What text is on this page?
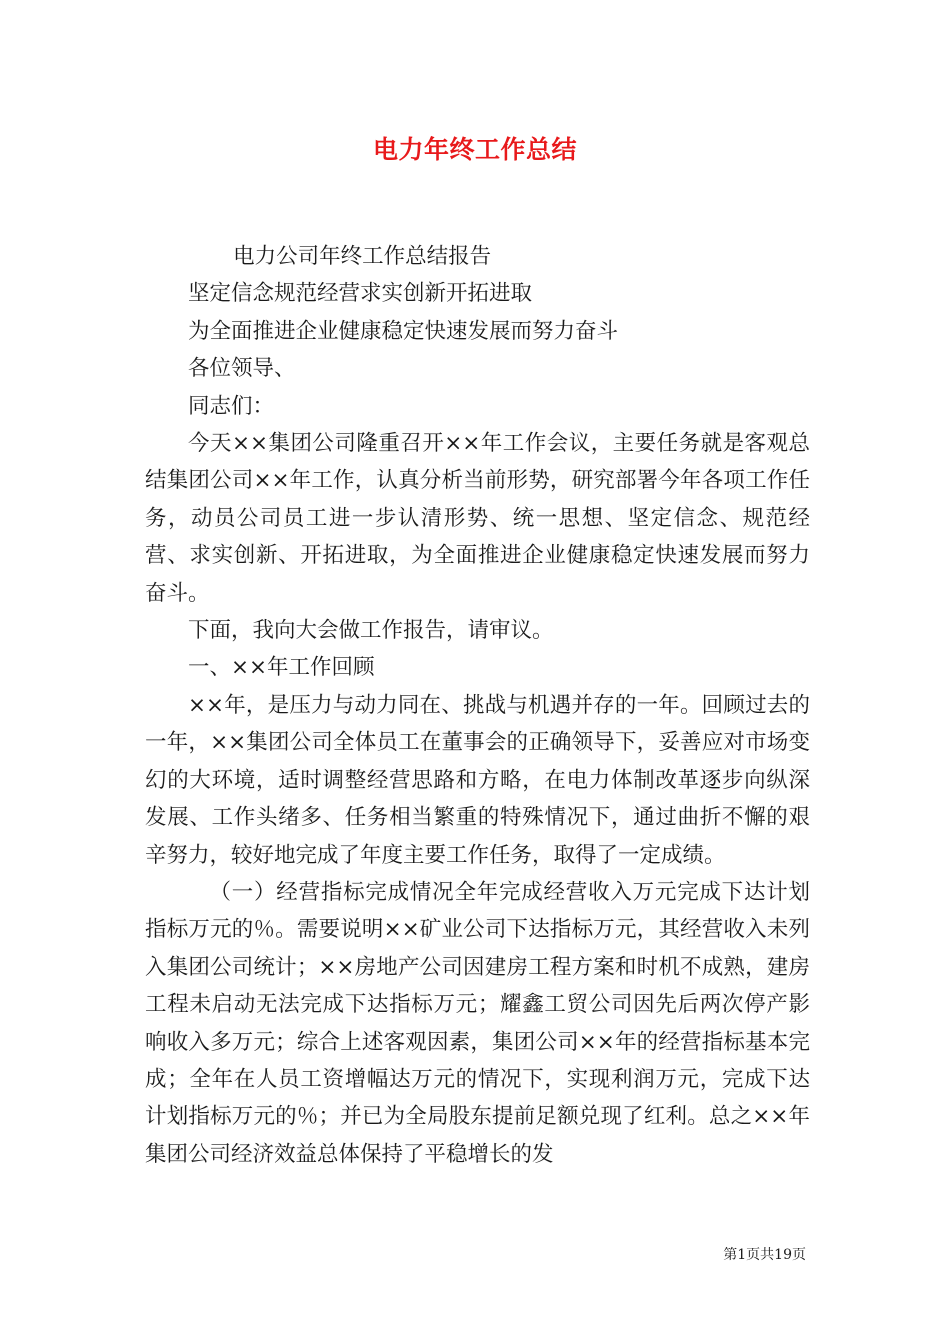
电力年终工作总结

电力公司年终工作总结报告

坚定信念规范经营求实创新开拓进取

为全面推进企业健康稳定快速发展而努力奋斗

各位领导、

同志们：

今天××集团公司隆重召开××年工作会议，主要任务就是客观总结集团公司××年工作，认真分析当前形势，研究部署今年各项工作任务，动员公司员工进一步认清形势、统一思想、坚定信念、规范经营、求实创新、开拓进取，为全面推进企业健康稳定快速发展而努力奋斗。

下面，我向大会做工作报告，请审议。

一、××年工作回顾

××年，是压力与动力同在、挑战与机遇并存的一年。回顾过去的一年，××集团公司全体员工在董事会的正确领导下，妥善应对市场变幻的大环境，适时调整经营思路和方略，在电力体制改革逐步向纵深发展、工作头绪多、任务相当繁重的特殊情况下，通过曲折不懈的艰辛努力，较好地完成了年度主要工作任务，取得了一定成绩。

（一）经营指标完成情况全年完成经营收入万元完成下达计划指标万元的％。需要说明××矿业公司下达指标万元，其经营收入未列入集团公司统计；××房地产公司因建房工程方案和时机不成熟，建房工程未启动无法完成下达指标万元；耀鑫工贸公司因先后两次停产影响收入多万元；综合上述客观因素，集团公司××年的经营指标基本完成；全年在人员工资增幅达万元的情况下，实现利润万元，完成下达计划指标万元的％；并已为全局股东提前足额兑现了红利。总之××年集团公司经济效益总体保持了平稳增长的发

第1页共19页
